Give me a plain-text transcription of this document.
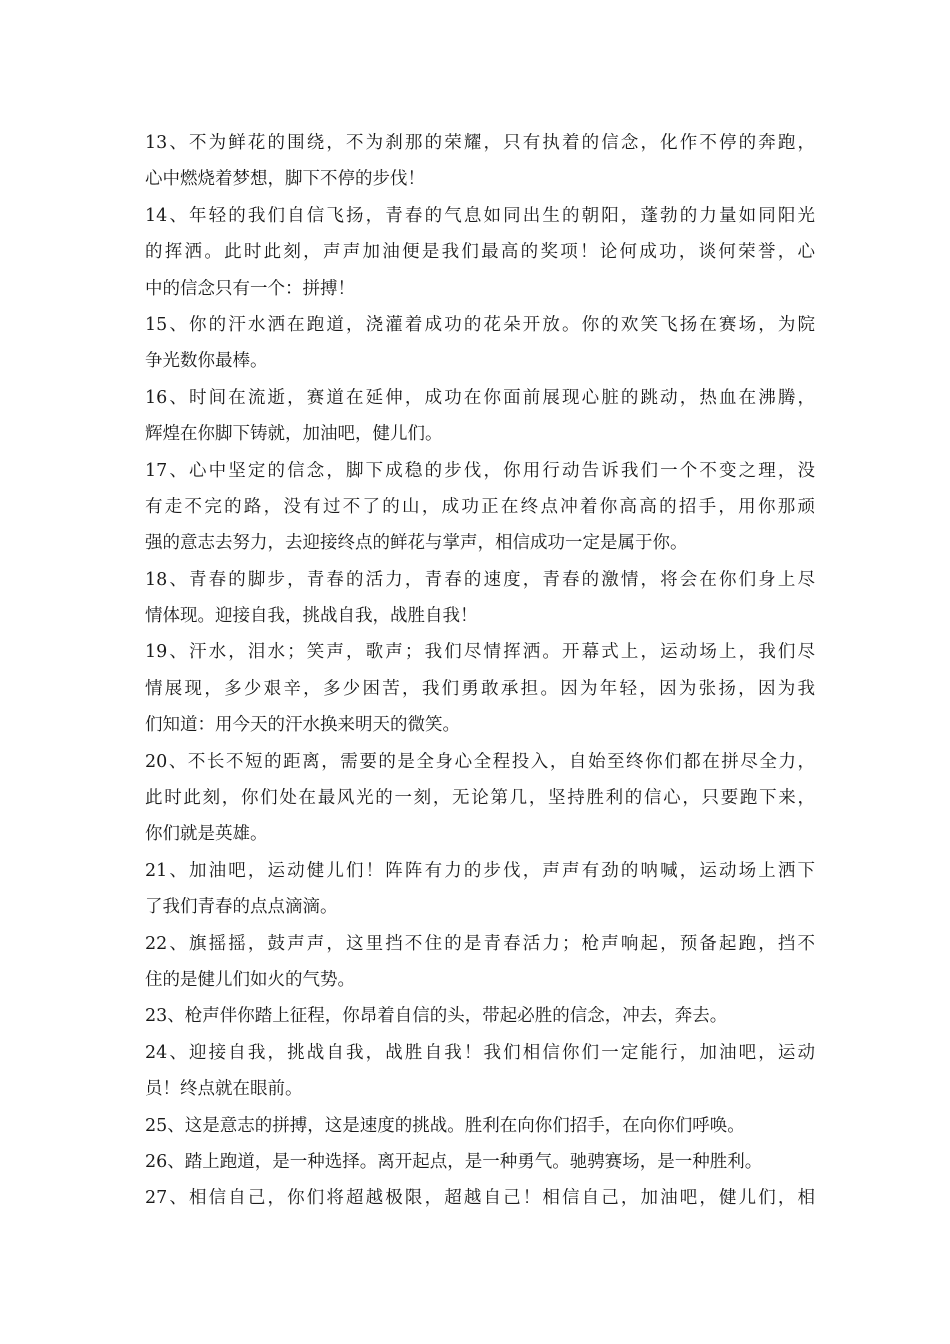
13、不为鲜花的围绕，不为刹那的荣耀，只有执着的信念，化作不停的奔跑，
心中燃烧着梦想，脚下不停的步伐！
14、年轻的我们自信飞扬，青春的气息如同出生的朝阳，蓬勃的力量如同阳光
的挥洒。此时此刻，声声加油便是我们最高的奖项！论何成功，谈何荣誉，心
中的信念只有一个：拼搏！
15、你的汗水洒在跑道，浇灌着成功的花朵开放。你的欢笑飞扬在赛场，为院
争光数你最棒。
16、时间在流逝，赛道在延伸，成功在你面前展现心脏的跳动，热血在沸腾，
辉煌在你脚下铸就，加油吧，健儿们。
17、心中坚定的信念，脚下成稳的步伐，你用行动告诉我们一个不变之理，没
有走不完的路，没有过不了的山，成功正在终点冲着你高高的招手，用你那顽
强的意志去努力，去迎接终点的鲜花与掌声，相信成功一定是属于你。
18、青春的脚步，青春的活力，青春的速度，青春的激情，将会在你们身上尽
情体现。迎接自我，挑战自我，战胜自我！
19、汗水，泪水；笑声，歌声；我们尽情挥洒。开幕式上，运动场上，我们尽
情展现，多少艰辛，多少困苦，我们勇敢承担。因为年轻，因为张扬，因为我
们知道：用今天的汗水换来明天的微笑。
20、不长不短的距离，需要的是全身心全程投入，自始至终你们都在拼尽全力，
此时此刻，你们处在最风光的一刻，无论第几，坚持胜利的信心，只要跑下来，
你们就是英雄。
21、加油吧，运动健儿们！阵阵有力的步伐，声声有劲的呐喊，运动场上洒下
了我们青春的点点滴滴。
22、旗摇摇，鼓声声，这里挡不住的是青春活力；枪声响起，预备起跑，挡不
住的是健儿们如火的气势。
23、枪声伴你踏上征程，你昂着自信的头，带起必胜的信念，冲去，奔去。
24、迎接自我，挑战自我，战胜自我！我们相信你们一定能行，加油吧，运动
员！终点就在眼前。
25、这是意志的拼搏，这是速度的挑战。胜利在向你们招手，在向你们呼唤。
26、踏上跑道，是一种选择。离开起点，是一种勇气。驰骋赛场，是一种胜利。
27、相信自己，你们将超越极限，超越自己！相信自己，加油吧，健儿们，相
